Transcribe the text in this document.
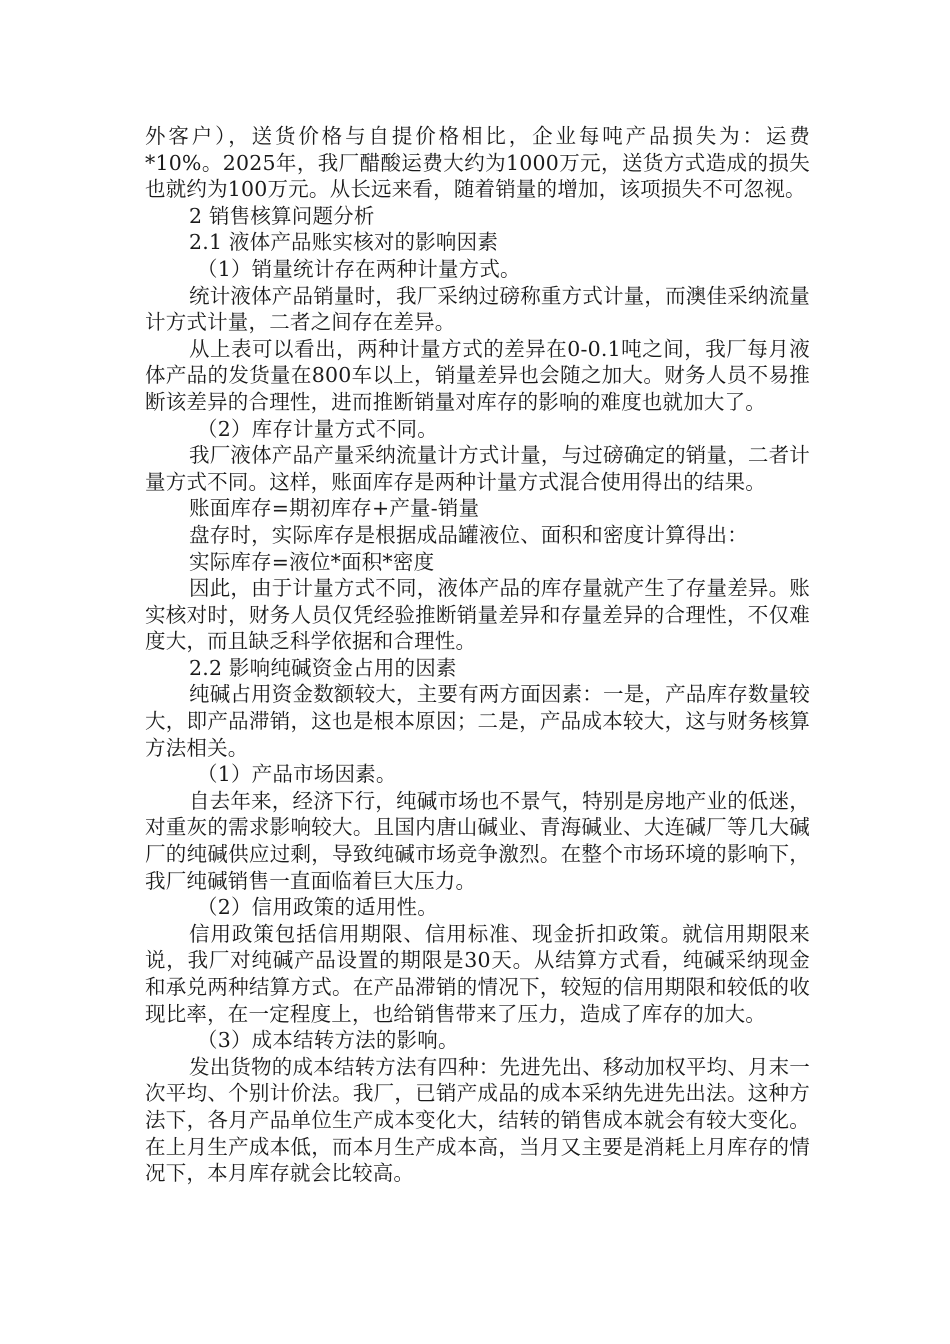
外客户），送货价格与自提价格相比，企业每吨产品损失为：运费*10%。2025年，我厂醋酸运费大约为1000万元，送货方式造成的损失也就约为100万元。从长远来看，随着销量的增加，该项损失不可忽视。

2 销售核算问题分析

2.1 液体产品账实核对的影响因素

（1）销量统计存在两种计量方式。

统计液体产品销量时，我厂采纳过磅称重方式计量，而澳佳采纳流量计方式计量，二者之间存在差异。

从上表可以看出，两种计量方式的差异在0-0.1吨之间，我厂每月液体产品的发货量在800车以上，销量差异也会随之加大。财务人员不易推断该差异的合理性，进而推断销量对库存的影响的难度也就加大了。

（2）库存计量方式不同。

我厂液体产品产量采纳流量计方式计量，与过磅确定的销量，二者计量方式不同。这样，账面库存是两种计量方式混合使用得出的结果。

账面库存=期初库存+产量-销量

盘存时，实际库存是根据成品罐液位、面积和密度计算得出：

实际库存=液位*面积*密度

因此，由于计量方式不同，液体产品的库存量就产生了存量差异。账实核对时，财务人员仅凭经验推断销量差异和存量差异的合理性，不仅难度大，而且缺乏科学依据和合理性。

2.2 影响纯碱资金占用的因素

纯碱占用资金数额较大，主要有两方面因素：一是，产品库存数量较大，即产品滞销，这也是根本原因；二是，产品成本较大，这与财务核算方法相关。

（1）产品市场因素。

自去年来，经济下行，纯碱市场也不景气，特别是房地产业的低迷，对重灰的需求影响较大。且国内唐山碱业、青海碱业、大连碱厂等几大碱厂的纯碱供应过剩，导致纯碱市场竞争激烈。在整个市场环境的影响下，我厂纯碱销售一直面临着巨大压力。

（2）信用政策的适用性。

信用政策包括信用期限、信用标准、现金折扣政策。就信用期限来说，我厂对纯碱产品设置的期限是30天。从结算方式看，纯碱采纳现金和承兑两种结算方式。在产品滞销的情况下，较短的信用期限和较低的收现比率，在一定程度上，也给销售带来了压力，造成了库存的加大。

（3）成本结转方法的影响。

发出货物的成本结转方法有四种：先进先出、移动加权平均、月末一次平均、个别计价法。我厂，已销产成品的成本采纳先进先出法。这种方法下，各月产品单位生产成本变化大，结转的销售成本就会有较大变化。在上月生产成本低，而本月生产成本高，当月又主要是消耗上月库存的情况下，本月库存就会比较高。
